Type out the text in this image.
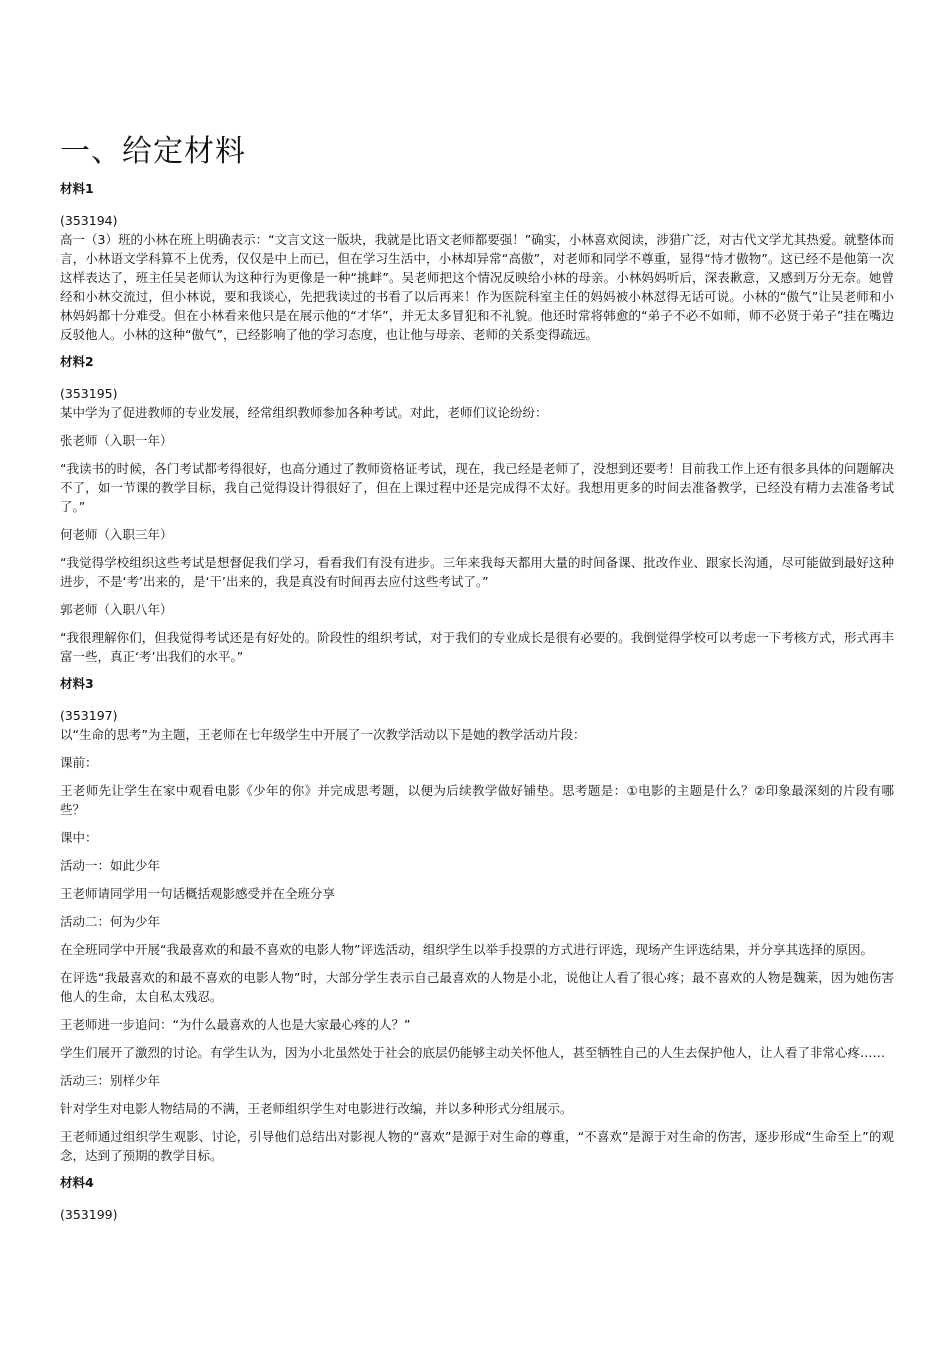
一、给定材料
材料1
(353194)

高一（3）班的小林在班上明确表示：“文言文这一版块，我就是比语文老师都要强！”确实，小林喜欢阅读，涉猎广泛，对古代文学尤其热爱。就整体而言，小林语文学科算不上优秀，仅仅是中上而已，但在学习生活中，小林却异常“高傲”，对老师和同学不尊重，显得“恃才傲物”。这已经不是他第一次这样表达了，班主任吴老师认为这种行为更像是一种“挑衅”。吴老师把这个情况反映给小林的母亲。小林妈妈听后，深表歉意，又感到万分无奈。她曾经和小林交流过，但小林说，要和我谈心，先把我读过的书看了以后再来！作为医院科室主任的妈妈被小林怼得无话可说。小林的“傲气”让吴老师和小林妈妈都十分难受。但在小林看来他只是在展示他的“才华”，并无太多冒犯和不礼貌。他还时常将韩愈的“弟子不必不如师，师不必贤于弟子”挂在嘴边反驳他人。小林的这种“傲气”，已经影响了他的学习态度，也让他与母亲、老师的关系变得疏远。

材料2
(353195)

某中学为了促进教师的专业发展，经常组织教师参加各种考试。对此，老师们议论纷纷：

张老师（入职一年）

“我读书的时候，各门考试都考得很好，也高分通过了教师资格证考试，现在，我已经是老师了，没想到还要考！目前我工作上还有很多具体的问题解决不了，如一节课的教学目标，我自己觉得设计得很好了，但在上课过程中还是完成得不太好。我想用更多的时间去准备教学，已经没有精力去准备考试了。”

何老师（入职三年）

“我觉得学校组织这些考试是想督促我们学习，看看我们有没有进步。三年来我每天都用大量的时间备课、批改作业、跟家长沟通，尽可能做到最好这种进步，不是‘考’出来的，是‘干’出来的，我是真没有时间再去应付这些考试了。”

郭老师（入职八年）

“我很理解你们，但我觉得考试还是有好处的。阶段性的组织考试，对于我们的专业成长是很有必要的。我倒觉得学校可以考虑一下考核方式，形式再丰富一些，真正‘考’出我们的水平。”

材料3
(353197)

以“生命的思考”为主题，王老师在七年级学生中开展了一次教学活动以下是她的教学活动片段：

课前：

王老师先让学生在家中观看电影《少年的你》并完成思考题，以便为后续教学做好铺垫。思考题是：①电影的主题是什么？②印象最深刻的片段有哪些？

课中：

活动一：如此少年

王老师请同学用一句话概括观影感受并在全班分享

活动二：何为少年

在全班同学中开展“我最喜欢的和最不喜欢的电影人物”评选活动，组织学生以举手投票的方式进行评选，现场产生评选结果，并分享其选择的原因。

在评选“我最喜欢的和最不喜欢的电影人物”时，大部分学生表示自己最喜欢的人物是小北，说他让人看了很心疼；最不喜欢的人物是魏莱，因为她伤害他人的生命，太自私太残忍。

王老师进一步追问：“为什么最喜欢的人也是大家最心疼的人？”

学生们展开了激烈的讨论。有学生认为，因为小北虽然处于社会的底层仍能够主动关怀他人，甚至牺牲自己的人生去保护他人，让人看了非常心疼……

活动三：别样少年

针对学生对电影人物结局的不满，王老师组织学生对电影进行改编，并以多种形式分组展示。

王老师通过组织学生观影、讨论，引导他们总结出对影视人物的“喜欢”是源于对生命的尊重，“不喜欢”是源于对生命的伤害，逐步形成“生命至上”的观念，达到了预期的教学目标。

材料4
(353199)
